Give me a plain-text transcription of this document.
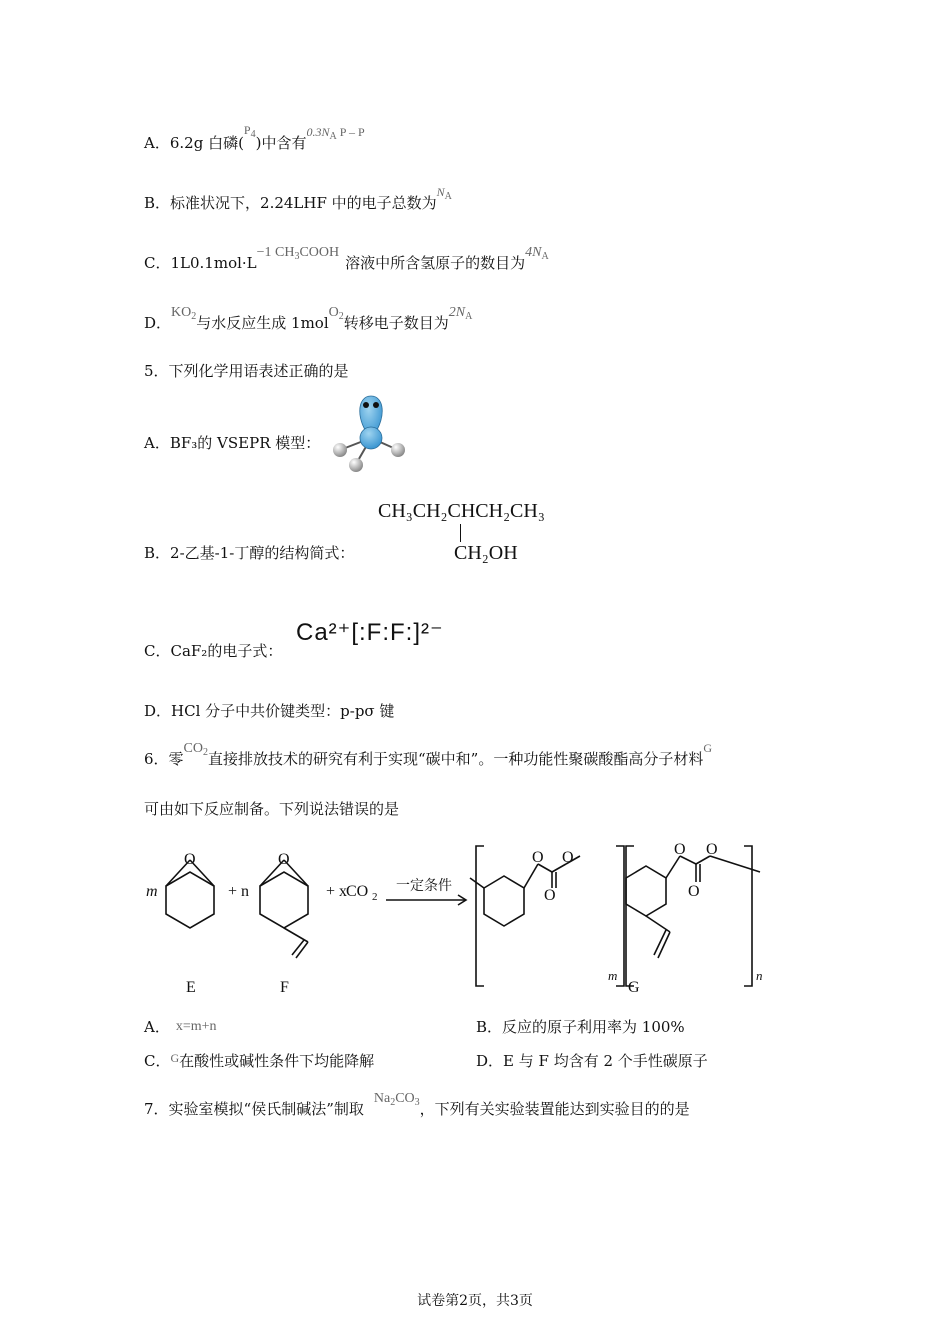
A．6.2g 白磷($^{P_4}$)中含有$^{0.3N_A P - P}$
B．标准状况下，2.24LHF 中的电子总数为$^{N_A}$
C．1L0.1mol·L−1 $CH_3COOH$溶液中所含氢原子的数目为$4N_A$
D．$KO_2$与水反应生成 1molO$_2$转移电子数目为$2N_A$
5．下列化学用语表述正确的是
A．BF₃的 VSEPR 模型：
B．2-乙基-1-丁醇的结构简式：
CH₃CH₂CHCH₂CH₃
CH₂OH
C．CaF₂的电子式：
Ca²⁺[:F:F:]²⁻
D．HCl 分子中共价键类型：p-pσ 键
6．零$CO_2$直接排放技术的研究有利于实现“碳中和”。一种功能性聚碳酸酯高分子材料$^G$
可由如下反应制备。下列说法错误的是
O	O	O O
O
O O
O
m	+ n	+ x
CO 2
一定条件
m	n
E	F	G
A． x=m+n	B．反应的原子利用率为 100%
C．$^G$在酸性或碱性条件下均能降解	D．E 与 F 均含有 2 个手性碳原子
7．实验室模拟“侯氏制碱法”制取$Na_2CO_3$，下列有关实验装置能达到实验目的的是
试卷第2页，共3页
